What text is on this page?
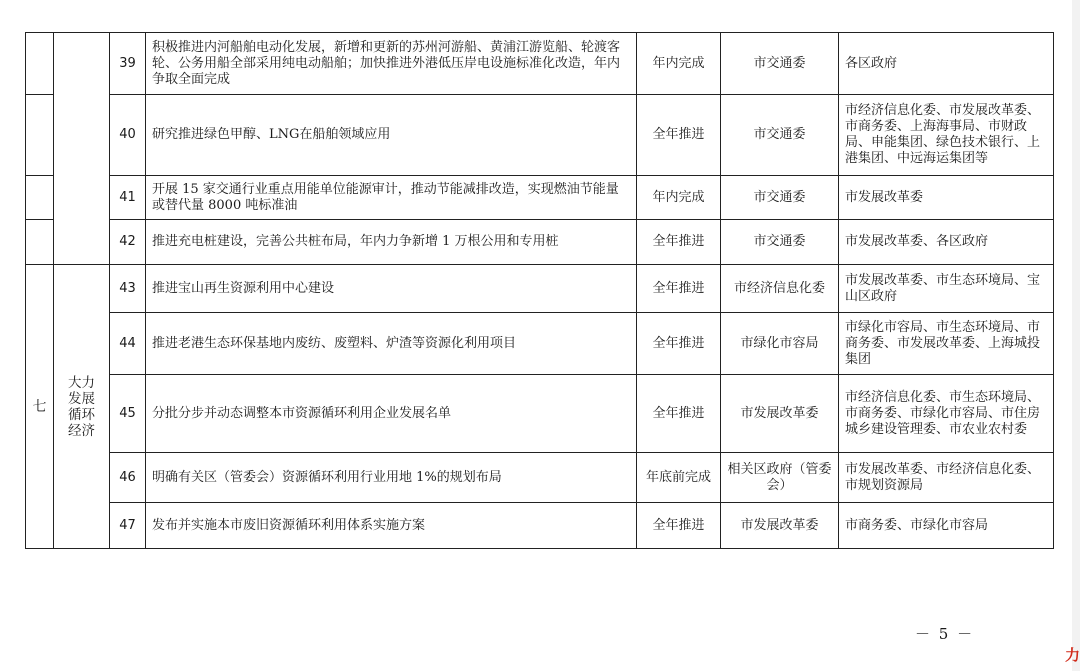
		39	积极推进内河船舶电动化发展，新增和更新的苏州河游船、黄浦江游览船、轮渡客轮、公务用船全部采用纯电动船舶；加快推进外港低压岸电设施标准化改造，年内争取全面完成	年内完成	市交通委	各区政府
		40	研究推进绿色甲醇、LNG在船舶领域应用	全年推进	市交通委	市经济信息化委、市发展改革委、市商务委、上海海事局、市财政局、申能集团、绿色技术银行、上港集团、中远海运集团等
		41	开展 15 家交通行业重点用能单位能源审计，推动节能减排改造，实现燃油节能量或替代量 8000 吨标准油	年内完成	市交通委	市发展改革委
		42	推进充电桩建设，完善公共桩布局，年内力争新增 1 万根公用和专用桩	全年推进	市交通委	市发展改革委、各区政府
七	大力发展循环经济	43	推进宝山再生资源利用中心建设	全年推进	市经济信息化委	市发展改革委、市生态环境局、宝山区政府
		44	推进老港生态环保基地内废纺、废塑料、炉渣等资源化利用项目	全年推进	市绿化市容局	市绿化市容局、市生态环境局、市商务委、市发展改革委、上海城投集团
		45	分批分步并动态调整本市资源循环利用企业发展名单	全年推进	市发展改革委	市经济信息化委、市生态环境局、市商务委、市绿化市容局、市住房城乡建设管理委、市农业农村委
		46	明确有关区（管委会）资源循环利用行业用地 1%的规划布局	年底前完成	相关区政府（管委会）	市发展改革委、市经济信息化委、市规划资源局
		47	发布并实施本市废旧资源循环利用体系实施方案	全年推进	市发展改革委	市商务委、市绿化市容局
－ 5 －
力
